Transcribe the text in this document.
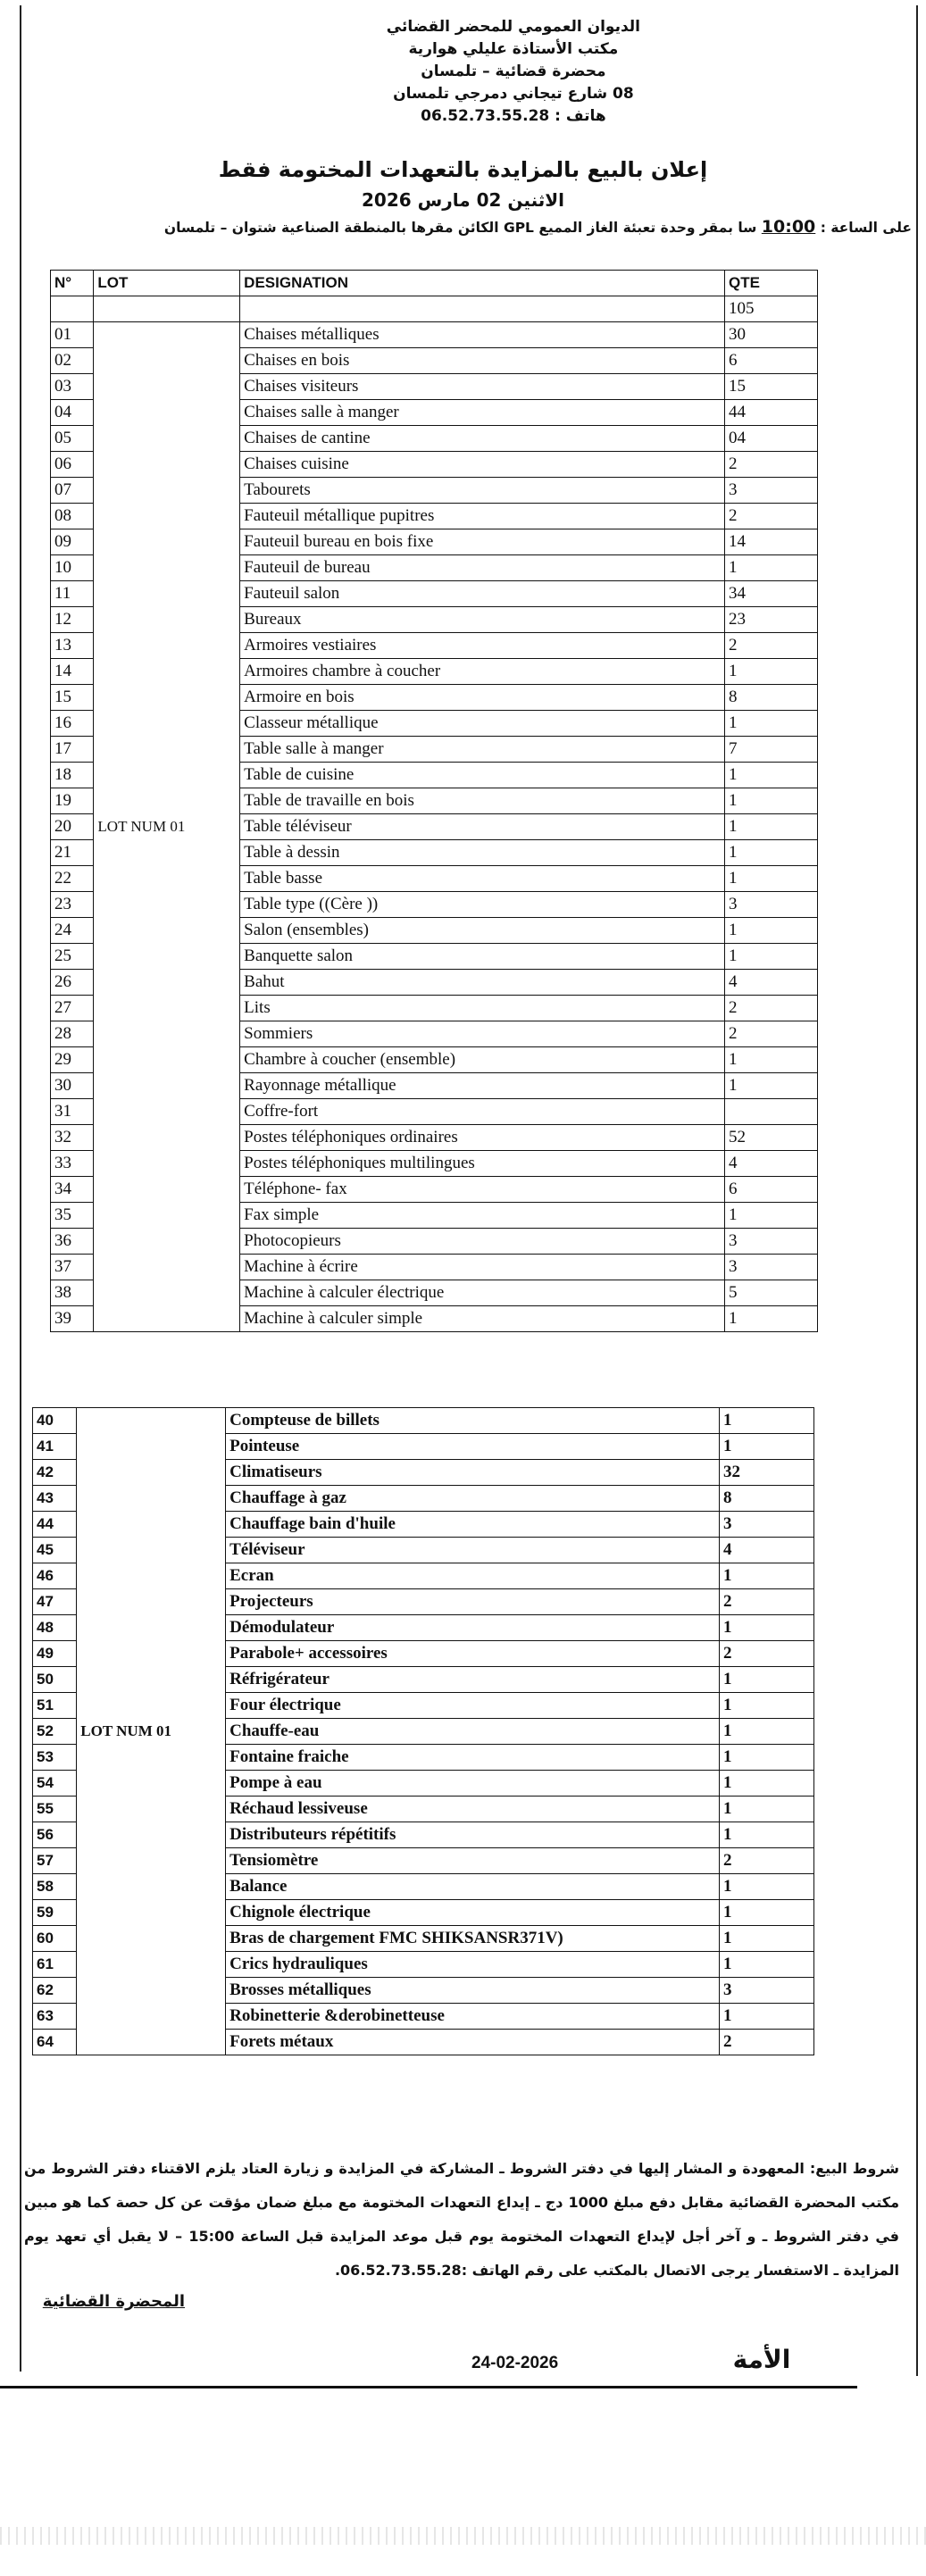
الديوان العمومي للمحضر القضائي
مكتب الأستاذة عليلي هوارية
محضرة قضائية – تلمسان
08 شارع تيجاني دمرجي تلمسان
هاتف : 06.52.73.55.28
إعلان بالبيع بالمزايدة بالتعهدات المختومة فقط
الاثنين 02 مارس 2026
على الساعة : 10:00 سا بمقر وحدة تعبئة الغاز المميع GPL الكائن مقرها بالمنطقة الصناعية شتوان – تلمسان
N°	LOT	DESIGNATION	QTE

			105
01	LOT NUM 01	Chaises métalliques	30
02		Chaises en bois	6
03		Chaises visiteurs	15
04		Chaises salle à manger	44
05		Chaises de cantine	04
06		Chaises cuisine	2
07		Tabourets	3
08		Fauteuil métallique pupitres	2
09		Fauteuil bureau en bois fixe	14
10		Fauteuil de bureau	1
11		Fauteuil salon	34
12		Bureaux	23
13		Armoires vestiaires	2
14		Armoires chambre à coucher	1
15		Armoire en bois	8
16		Classeur métallique	1
17		Table salle à manger	7
18		Table de cuisine	1
19		Table de travaille en bois	1
20		Table téléviseur	1
21		Table à dessin	1
22		Table basse	1
23		Table type ((Cère ))	3
24		Salon (ensembles)	1
25		Banquette salon	1
26		Bahut	4
27		Lits	2
28		Sommiers	2
29		Chambre à coucher (ensemble)	1
30		Rayonnage métallique	1
31		Coffre-fort	
32		Postes téléphoniques ordinaires	52
33		Postes téléphoniques multilingues	4
34		Téléphone- fax	6
35		Fax simple	1
36		Photocopieurs	3
37		Machine à écrire	3
38		Machine à calculer électrique	5
39		Machine à calculer simple	1
40	LOT NUM 01	Compteuse de billets	1
41		Pointeuse	1
42		Climatiseurs	32
43		Chauffage à gaz	8
44		Chauffage bain d'huile	3
45		Téléviseur	4
46		Ecran	1
47		Projecteurs	2
48		Démodulateur	1
49		Parabole+ accessoires	2
50		Réfrigérateur	1
51		Four électrique	1
52		Chauffe-eau	1
53		Fontaine fraiche	1
54		Pompe à eau	1
55		Réchaud lessiveuse	1
56		Distributeurs répétitifs	1
57		Tensiomètre	2
58		Balance	1
59		Chignole électrique	1
60		Bras de chargement FMC SHIKSANSR371V)	1
61		Crics hydrauliques	1
62		Brosses métalliques	3
63		Robinetterie &derobinetteuse	1
64		Forets métaux	2
شروط البيع: المعهودة و المشار إليها في دفتر الشروط ـ المشاركة في المزايدة و زيارة العتاد يلزم الاقتناء دفتر الشروط من مكتب المحضرة القضائية مقابل دفع مبلغ 1000 دج ـ إيداع التعهدات المختومة مع مبلغ ضمان مؤقت عن كل حصة كما هو مبين في دفتر الشروط ـ و آخر أجل لإيداع التعهدات المختومة يوم قبل موعد المزايدة قبل الساعة 15:00 – لا يقبل أي تعهد يوم المزايدة ـ الاستفسار يرجى الاتصال بالمكتب على رقم الهاتف :06.52.73.55.28.
المحضرة القضائية
24-02-2026	الأمة
